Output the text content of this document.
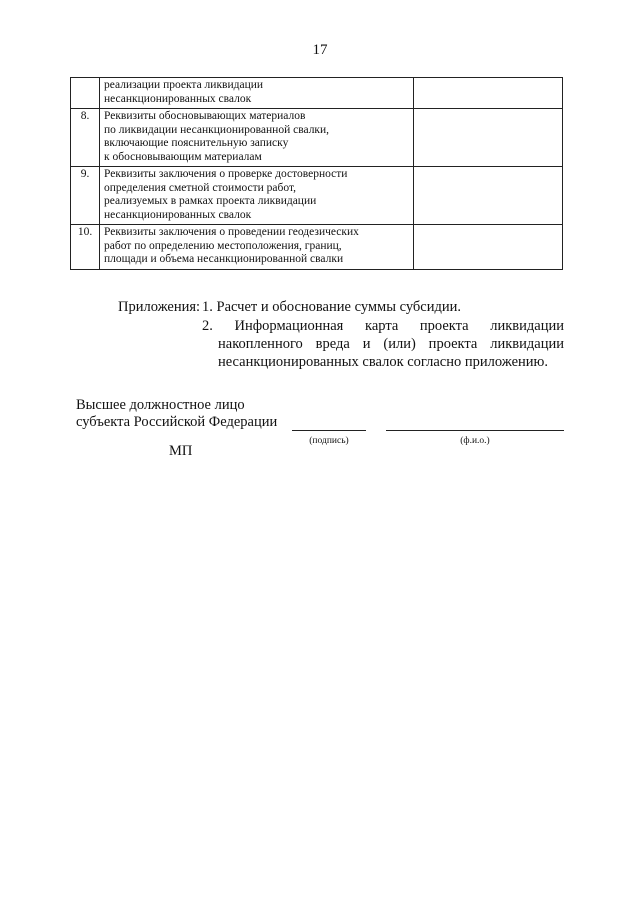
17

	реализации проекта ликвидации
несанкционированных свалок	

8.	Реквизиты обосновывающих материалов
по ликвидации несанкционированной свалки,
включающие пояснительную записку
к обосновывающим материалам	

9.	Реквизиты заключения о проверке достоверности
определения сметной стоимости работ,
реализуемых в рамках проекта ликвидации
несанкционированных свалок	

10.	Реквизиты заключения о проведении геодезических
работ по определению местоположения, границ,
площади и объема несанкционированной свалки	

Приложения: 1. Расчет и обоснование суммы субсидии.
2. Информационная карта проекта ликвидации
накопленного вреда и (или) проекта ликвидации
несанкционированных свалок согласно приложению.
Высшее должностное лицо
субъекта Российской Федерации
(подпись)	(ф.и.о.)
МП
